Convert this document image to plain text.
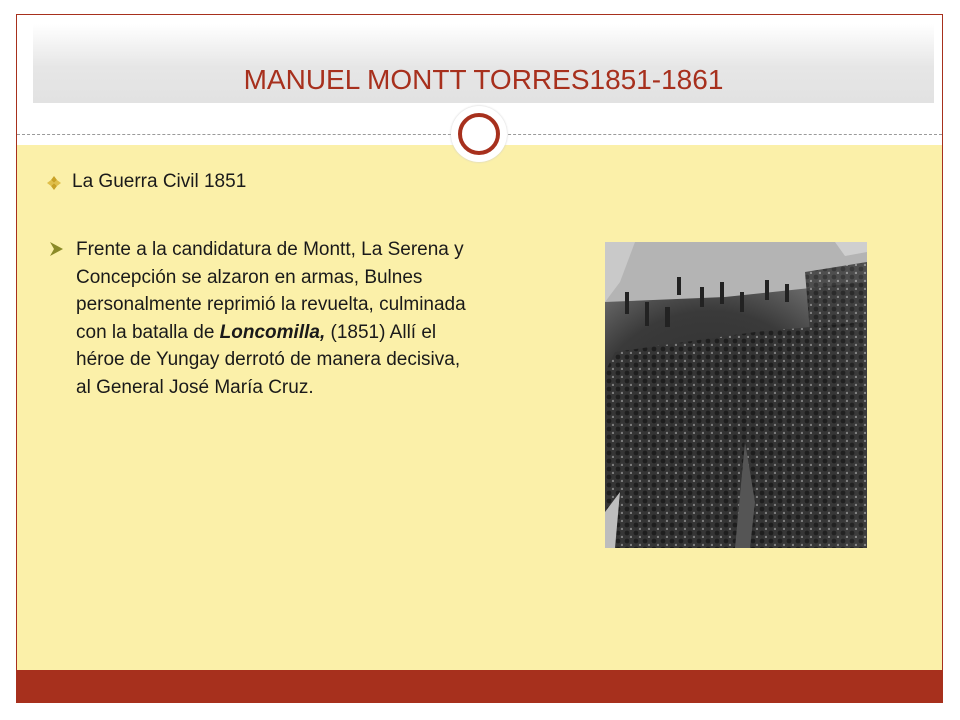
MANUEL MONTT TORRES1851-1861
La Guerra Civil 1851
Frente a la candidatura de Montt, La Serena y Concepción se alzaron en armas, Bulnes personalmente reprimió la revuelta, culminada con la batalla de Loncomilla, (1851) Allí el héroe de Yungay derrotó de manera decisiva, al General José María Cruz.
